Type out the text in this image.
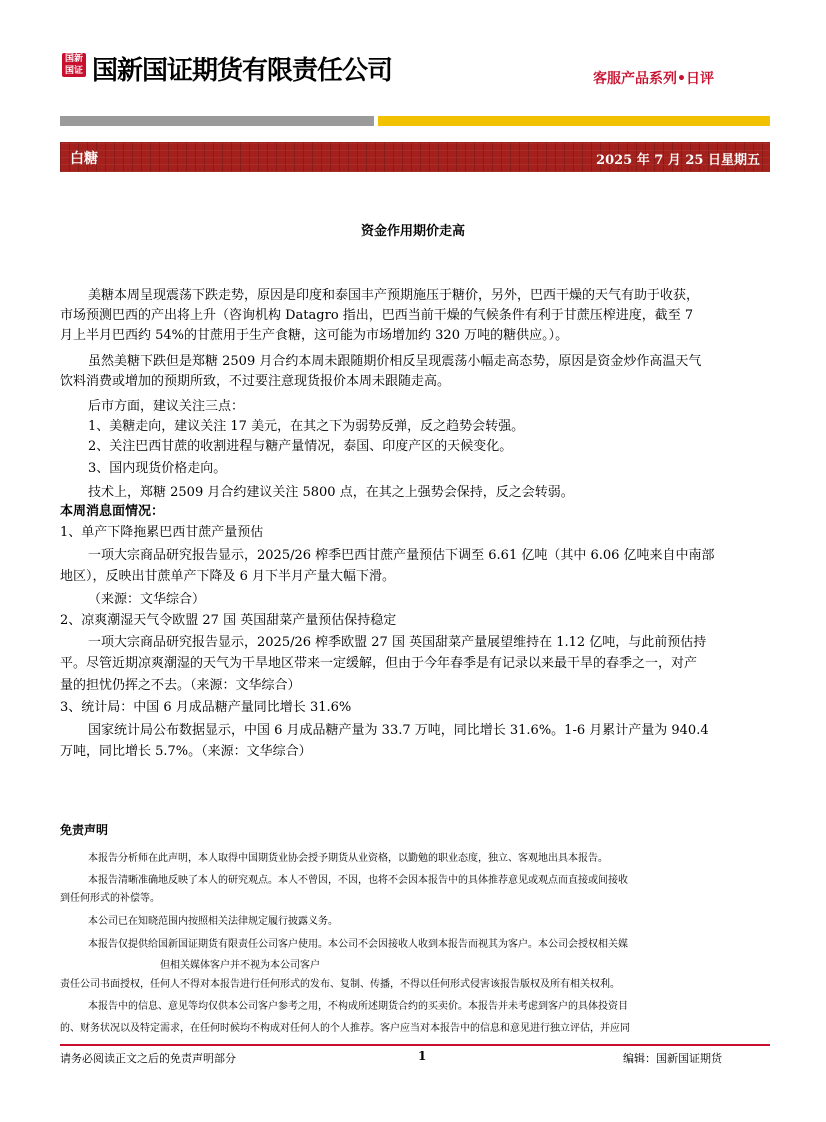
国新
国证 国新国证期货有限责任公司	客服产品系列•日评
白糖	2025 年 7 月 25 日星期五
资金作用期价走高
美糖本周呈现震荡下跌走势，原因是印度和泰国丰产预期施压于糖价，另外，巴西干燥的天气有助于收获，
市场预测巴西的产出将上升（咨询机构 Datagro 指出，巴西当前干燥的气候条件有利于甘蔗压榨进度，截至 7
月上半月巴西约 54%的甘蔗用于生产食糖，这可能为市场增加约 320 万吨的糖供应。）。
虽然美糖下跌但是郑糖 2509 月合约本周未跟随期价相反呈现震荡小幅走高态势，原因是资金炒作高温天气
饮料消费或增加的预期所致，不过要注意现货报价本周未跟随走高。
后市方面，建议关注三点：
1、美糖走向，建议关注 17 美元，在其之下为弱势反弹，反之趋势会转强。
2、关注巴西甘蔗的收割进程与糖产量情况，泰国、印度产区的天候变化。
3、国内现货价格走向。
技术上，郑糖 2509 月合约建议关注 5800 点，在其之上强势会保持，反之会转弱。
本周消息面情况：
1、单产下降拖累巴西甘蔗产量预估
一项大宗商品研究报告显示，2025/26 榨季巴西甘蔗产量预估下调至 6.61 亿吨（其中 6.06 亿吨来自中南部
地区），反映出甘蔗单产下降及 6 月下半月产量大幅下滑。
（来源：文华综合）
2、凉爽潮湿天气令欧盟 27 国 英国甜菜产量预估保持稳定
一项大宗商品研究报告显示，2025/26 榨季欧盟 27 国 英国甜菜产量展望维持在 1.12 亿吨，与此前预估持
平。尽管近期凉爽潮湿的天气为干旱地区带来一定缓解，但由于今年春季是有记录以来最干旱的春季之一，对产
量的担忧仍挥之不去。（来源：文华综合）
3、统计局：中国 6 月成品糖产量同比增长 31.6%
国家统计局公布数据显示，中国 6 月成品糖产量为 33.7 万吨，同比增长 31.6%。1-6 月累计产量为 940.4
万吨，同比增长 5.7%。（来源：文华综合）
免责声明
本报告分析师在此声明，本人取得中国期货业协会授予期货从业资格，以勤勉的职业态度，独立、客观地出具本报告。
本报告清晰准确地反映了本人的研究观点。本人不曾因，不因，也将不会因本报告中的具体推荐意见或观点而直接或间接收
到任何形式的补偿等。
本公司已在知晓范围内按照相关法律规定履行披露义务。
本报告仅提供给国新国证期货有限责任公司客户使用。本公司不会因接收人收到本报告而视其为客户。本公司会授权相关媒
但相关媒体客户并不视为本公司客户
责任公司书面授权，任何人不得对本报告进行任何形式的发布、复制、传播，不得以任何形式侵害该报告版权及所有相关权利。
本报告中的信息、意见等均仅供本公司客户参考之用，不构成所述期货合约的买卖价。本报告并未考虑到客户的具体投资目
的、财务状况以及特定需求，在任何时候均不构成对任何人的个人推荐。客户应当对本报告中的信息和意见进行独立评估，并应同
请务必阅读正文之后的免责声明部分	1	编辑：国新国证期货
